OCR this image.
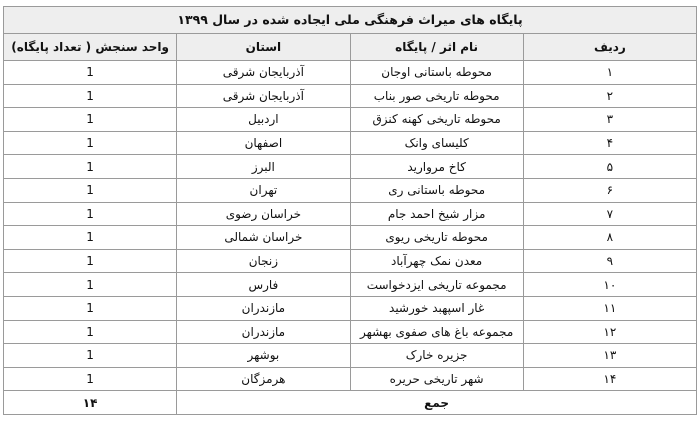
پایگاه های میراث فرهنگی ملی ایجاده شده در سال ۱۳۹۹			
ردیف	نام اثر / پایگاه	استان	واحد سنجش ( تعداد پایگاه)
۱	محوطه باستانی اوجان	آذربایجان شرقی	1
۲	محوطه تاریخی صور بناب	آذربایجان شرقی	1
۳	محوطه تاریخی کهنه کنزق	اردبیل	1
۴	کلیسای وانک	اصفهان	1
۵	کاخ مروارید	البرز	1
۶	محوطه باستانی ری	تهران	1
۷	مزار شیخ احمد جام	خراسان رضوی	1
۸	محوطه تاریخی ریوی	خراسان شمالی	1
۹	معدن نمک چهرآباد	زنجان	1
۱۰	مجموعه تاریخی ایزدخواست	فارس	1
۱۱	غار اسپهبد خورشید	مازندران	1
۱۲	مجموعه باغ های صفوی بهشهر	مازندران	1
۱۳	جزیره خارک	بوشهر	1
۱۴	شهر تاریخی حریره	هرمزگان	1
جمع			۱۴
